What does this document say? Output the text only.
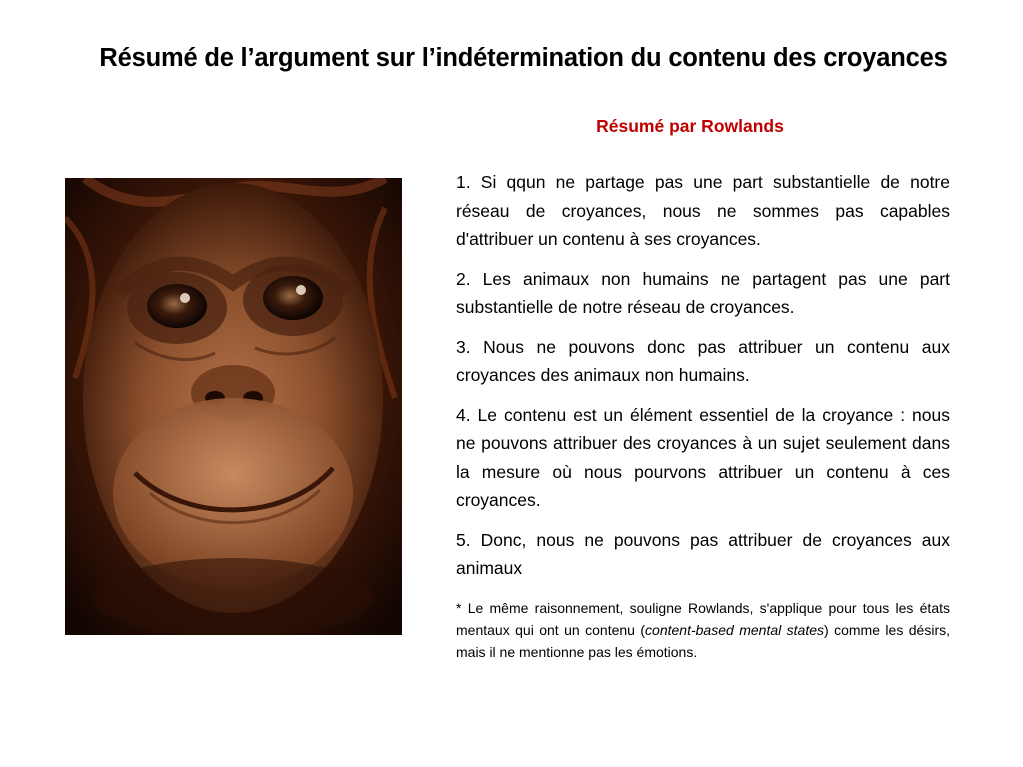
Résumé de l’argument sur l’indétermination du contenu des croyances
Résumé par Rowlands

1. Si qqun ne partage pas une part substantielle de notre réseau de croyances, nous ne sommes pas capables d'attribuer un contenu à ses croyances.

2. Les animaux non humains ne partagent pas une part substantielle de notre réseau de croyances.

3. Nous ne pouvons donc pas attribuer un contenu aux croyances des animaux non humains.

4. Le contenu est un élément essentiel de la croyance : nous ne pouvons attribuer des croyances à un sujet seulement dans la mesure où nous pourvons attribuer un contenu à ces croyances.

5. Donc, nous ne pouvons pas attribuer de croyances aux animaux

* Le même raisonnement, souligne Rowlands, s'applique pour tous les états mentaux qui ont un contenu (content-based mental states) comme les désirs, mais il ne mentionne pas les émotions.
